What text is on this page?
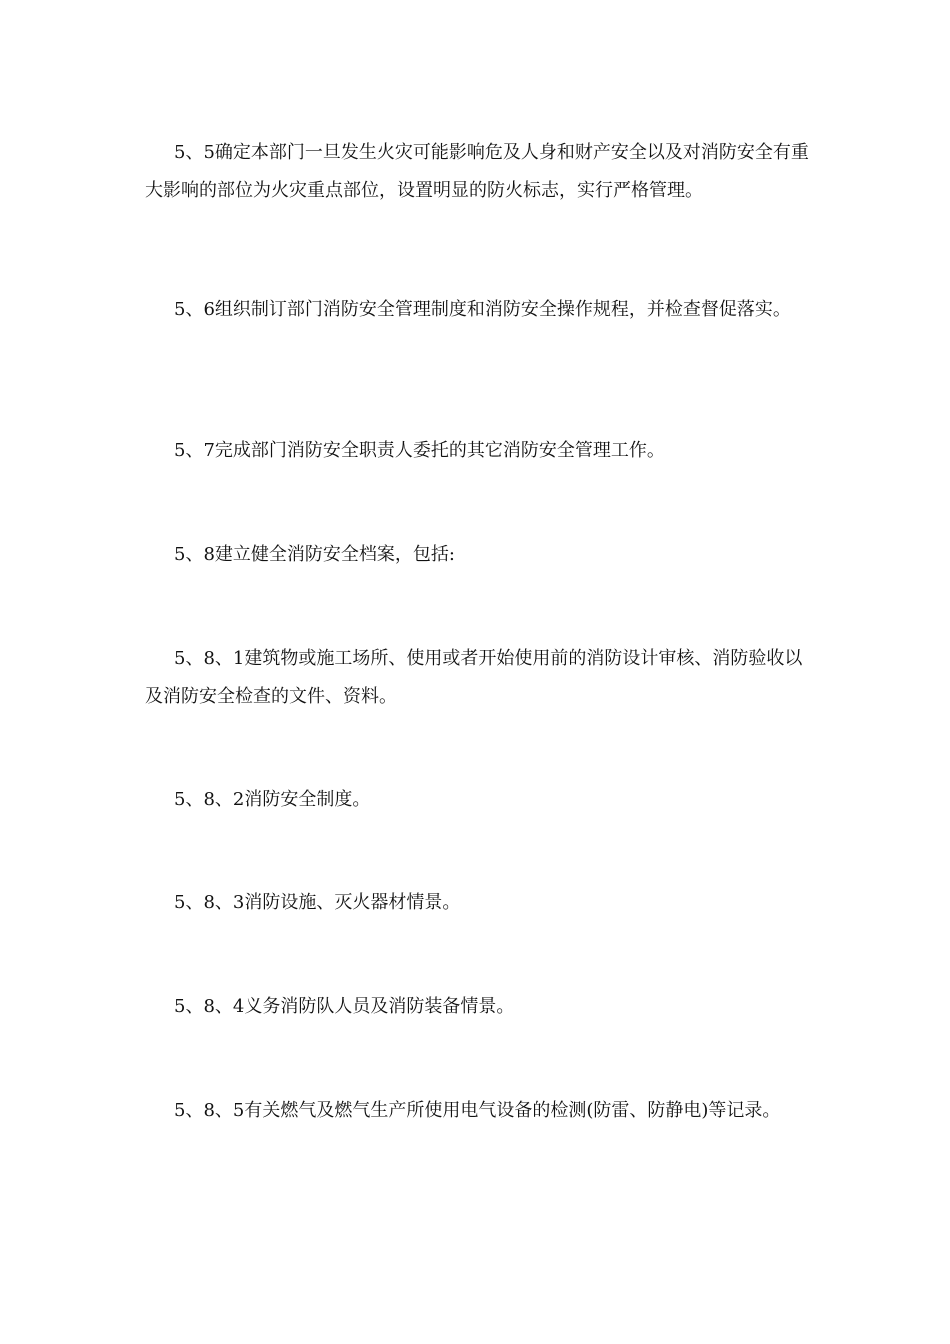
5、5确定本部门一旦发生火灾可能影响危及人身和财产安全以及对消防安全有重大影响的部位为火灾重点部位，设置明显的防火标志，实行严格管理。

5、6组织制订部门消防安全管理制度和消防安全操作规程，并检查督促落实。

5、7完成部门消防安全职责人委托的其它消防安全管理工作。

5、8建立健全消防安全档案，包括:

5、8、1建筑物或施工场所、使用或者开始使用前的消防设计审核、消防验收以及消防安全检查的文件、资料。

5、8、2消防安全制度。

5、8、3消防设施、灭火器材情景。

5、8、4义务消防队人员及消防装备情景。

5、8、5有关燃气及燃气生产所使用电气设备的检测(防雷、防静电)等记录。
